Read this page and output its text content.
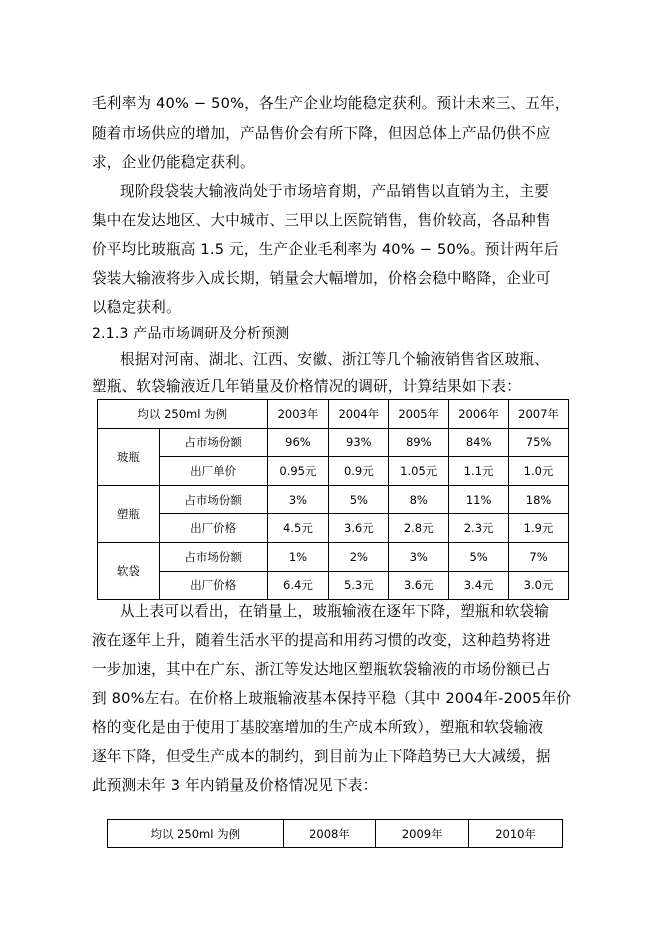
毛利率为 40% − 50%，各生产企业均能稳定获利。预计未来三、五年，
随着市场供应的增加，产品售价会有所下降，但因总体上产品仍供不应
求，企业仍能稳定获利。
现阶段袋装大输液尚处于市场培育期，产品销售以直销为主，主要
集中在发达地区、大中城市、三甲以上医院销售，售价较高，各品种售
价平均比玻瓶高 1.5 元，生产企业毛利率为 40% − 50%。预计两年后
袋装大输液将步入成长期，销量会大幅增加，价格会稳中略降，企业可
以稳定获利。
2.1.3 产品市场调研及分析预测
根据对河南、湖北、江西、安徽、浙江等几个输液销售省区玻瓶、
塑瓶、软袋输液近几年销量及价格情况的调研，计算结果如下表：
均以 250ml 为例		2003年	2004年	2005年	2006年	2007年
玻瓶	占市场份额	96%	93%	89%	84%	75%
	出厂单价	0.95元	0.9元	1.05元	1.1元	1.0元
塑瓶	占市场份额	3%	5%	8%	11%	18%
	出厂价格	4.5元	3.6元	2.8元	2.3元	1.9元
软袋	占市场份额	1%	2%	3%	5%	7%
	出厂价格	6.4元	5.3元	3.6元	3.4元	3.0元
从上表可以看出，在销量上，玻瓶输液在逐年下降，塑瓶和软袋输
液在逐年上升，随着生活水平的提高和用药习惯的改变，这种趋势将进
一步加速，其中在广东、浙江等发达地区塑瓶软袋输液的市场份额已占
到 80%左右。在价格上玻瓶输液基本保持平稳（其中 2004年-2005年价
格的变化是由于使用丁基胶塞增加的生产成本所致），塑瓶和软袋输液
逐年下降，但受生产成本的制约，到目前为止下降趋势已大大减缓，据
此预测未年 3 年内销量及价格情况见下表：
均以 250ml 为例	2008年	2009年	2010年
